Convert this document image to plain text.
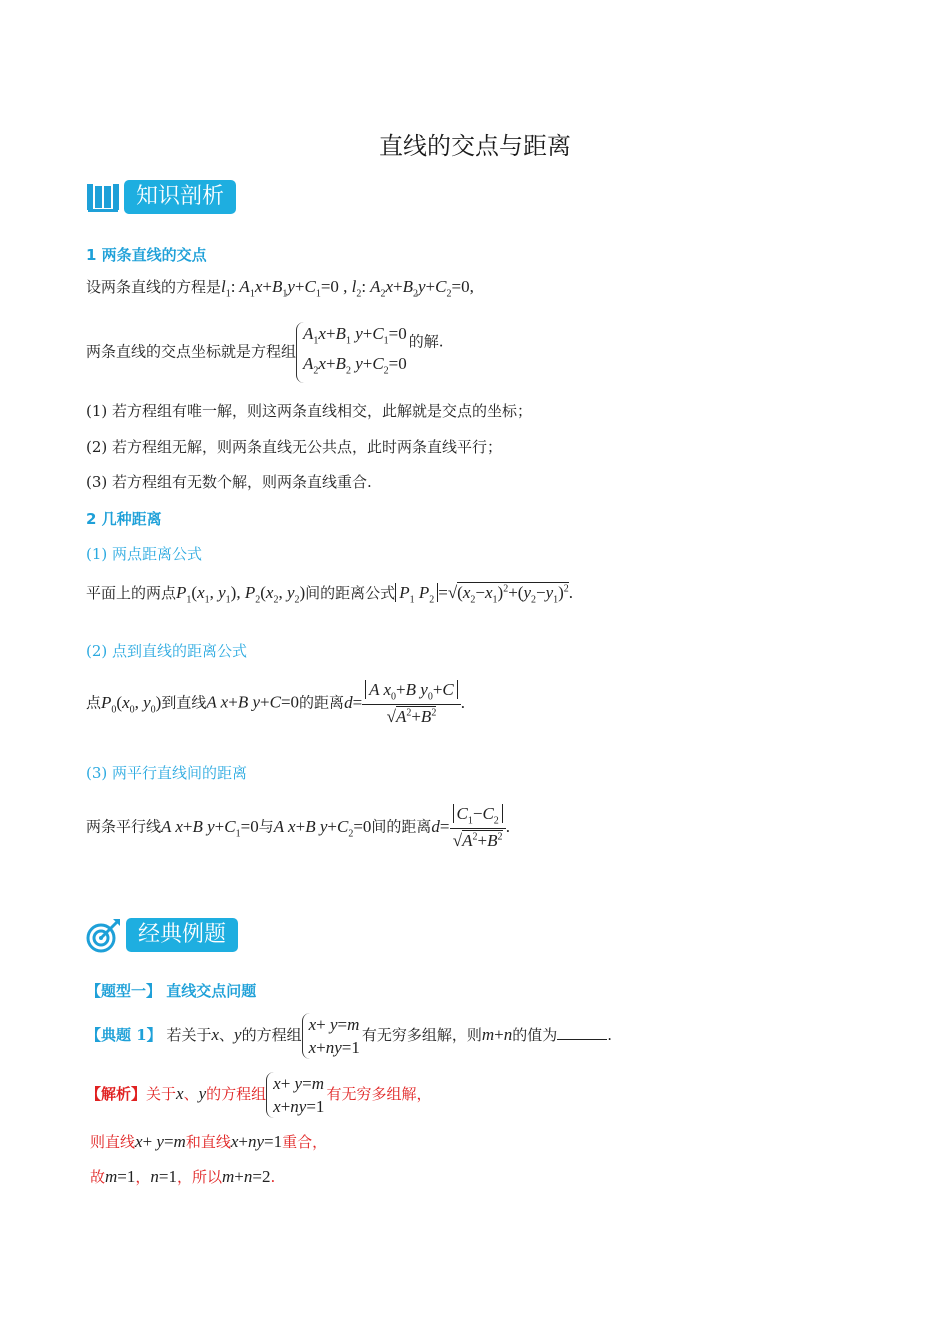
直线的交点与距离
知识剖析
1 两条直线的交点
设两条直线的方程是$l_1$: $A_1x+B_1y+C_1=0$ , $l_2$: $A_2x+B_2y+C_2=0$,
两条直线的交点坐标就是方程组$A_1x+B_1$ $y+C_1=0$
$A_2x+B_2$ $y+C_2=0$的解.
(1) 若方程组有唯一解，则这两条直线相交，此解就是交点的坐标；
(2) 若方程组无解，则两条直线无公共点，此时两条直线平行；
(3) 若方程组有无数个解，则两条直线重合.
2 几种距离
(1) 两点距离公式
平面上的两点$P_1(x_1$, $y_1$), $P_2(x_2$, $y_2$)间的距离公式 $P_1$ $P_2 =√(x_2-x_1)^2+(y_2-y_1)^2$.
(2) 点到直线的距离公式
点$P_0(x_0$, $y_0$)到直线A x+B y+C=0的距离$d= \frac{A x_0+B y_0+C}{√A^2+B^2}$ .
(3) 两平行直线间的距离
两条平行线A x+B $y+C_1=0$与A x+B $y+C_2=0$间的距离$d= \frac{C_1-C_2}{√A^2+B^2}$ .
经典例题
【题型一】 直线交点问题
【典题 1】 若关于x、y的方程组x+ y=m
x+ny=1有无穷多组解，则m+n的值为	.
【解析】关于x、y的方程组x+ y=m
x+ny=1有无穷多组解，
则直线x+ y=m和直线x+ny=1重合，
故m=1，n=1，所以m+n=2.
